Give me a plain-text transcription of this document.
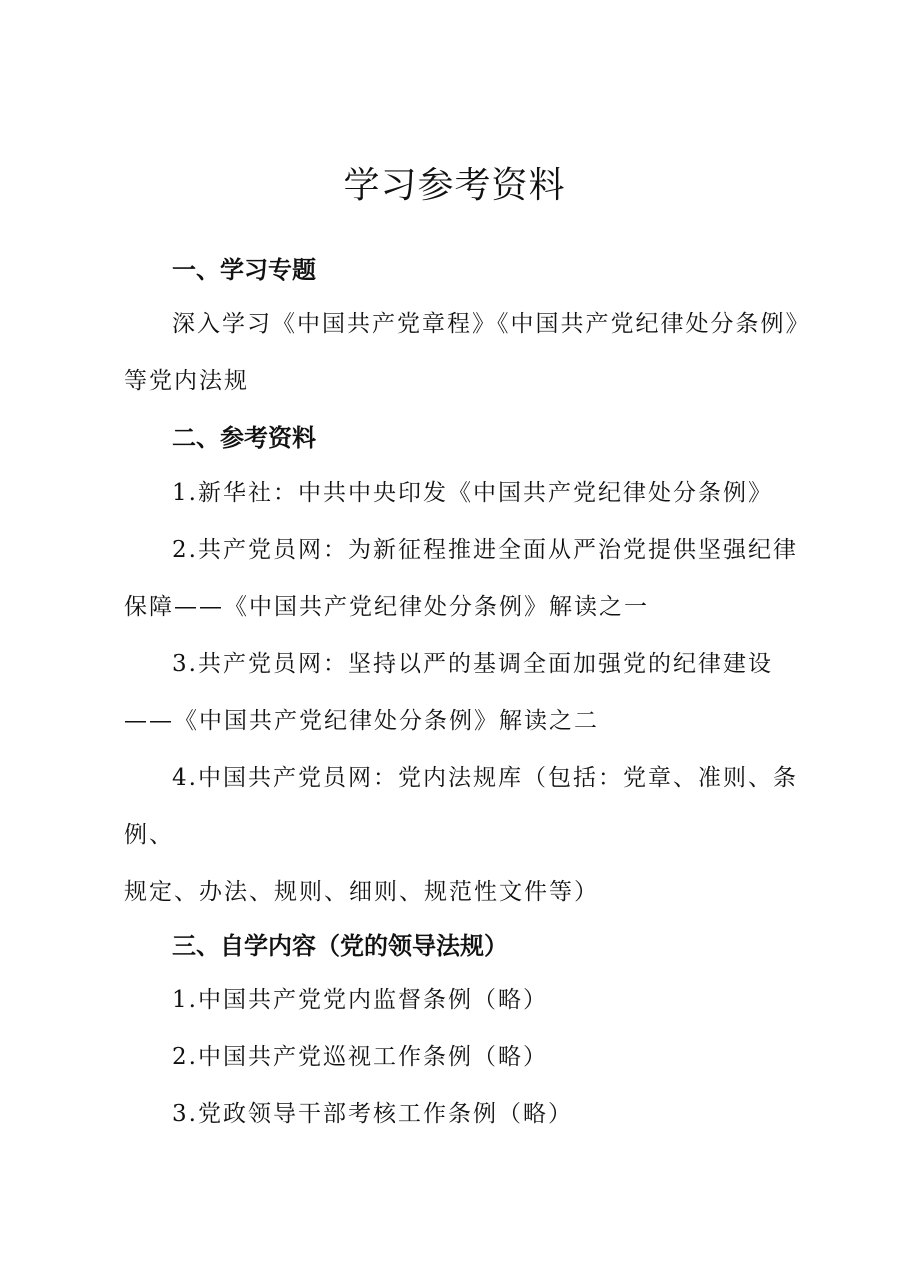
学习参考资料
一、学习专题
深入学习《中国共产党章程》《中国共产党纪律处分条例》等党内法规
二、参考资料
1.新华社：中共中央印发《中国共产党纪律处分条例》
2.共产党员网：为新征程推进全面从严治党提供坚强纪律保障——《中国共产党纪律处分条例》解读之一
3.共产党员网：坚持以严的基调全面加强党的纪律建设——《中国共产党纪律处分条例》解读之二
4.中国共产党员网：党内法规库（包括：党章、准则、条例、
规定、办法、规则、细则、规范性文件等）
三、自学内容（党的领导法规）
1.中国共产党党内监督条例（略）
2.中国共产党巡视工作条例（略）
3.党政领导干部考核工作条例（略）
